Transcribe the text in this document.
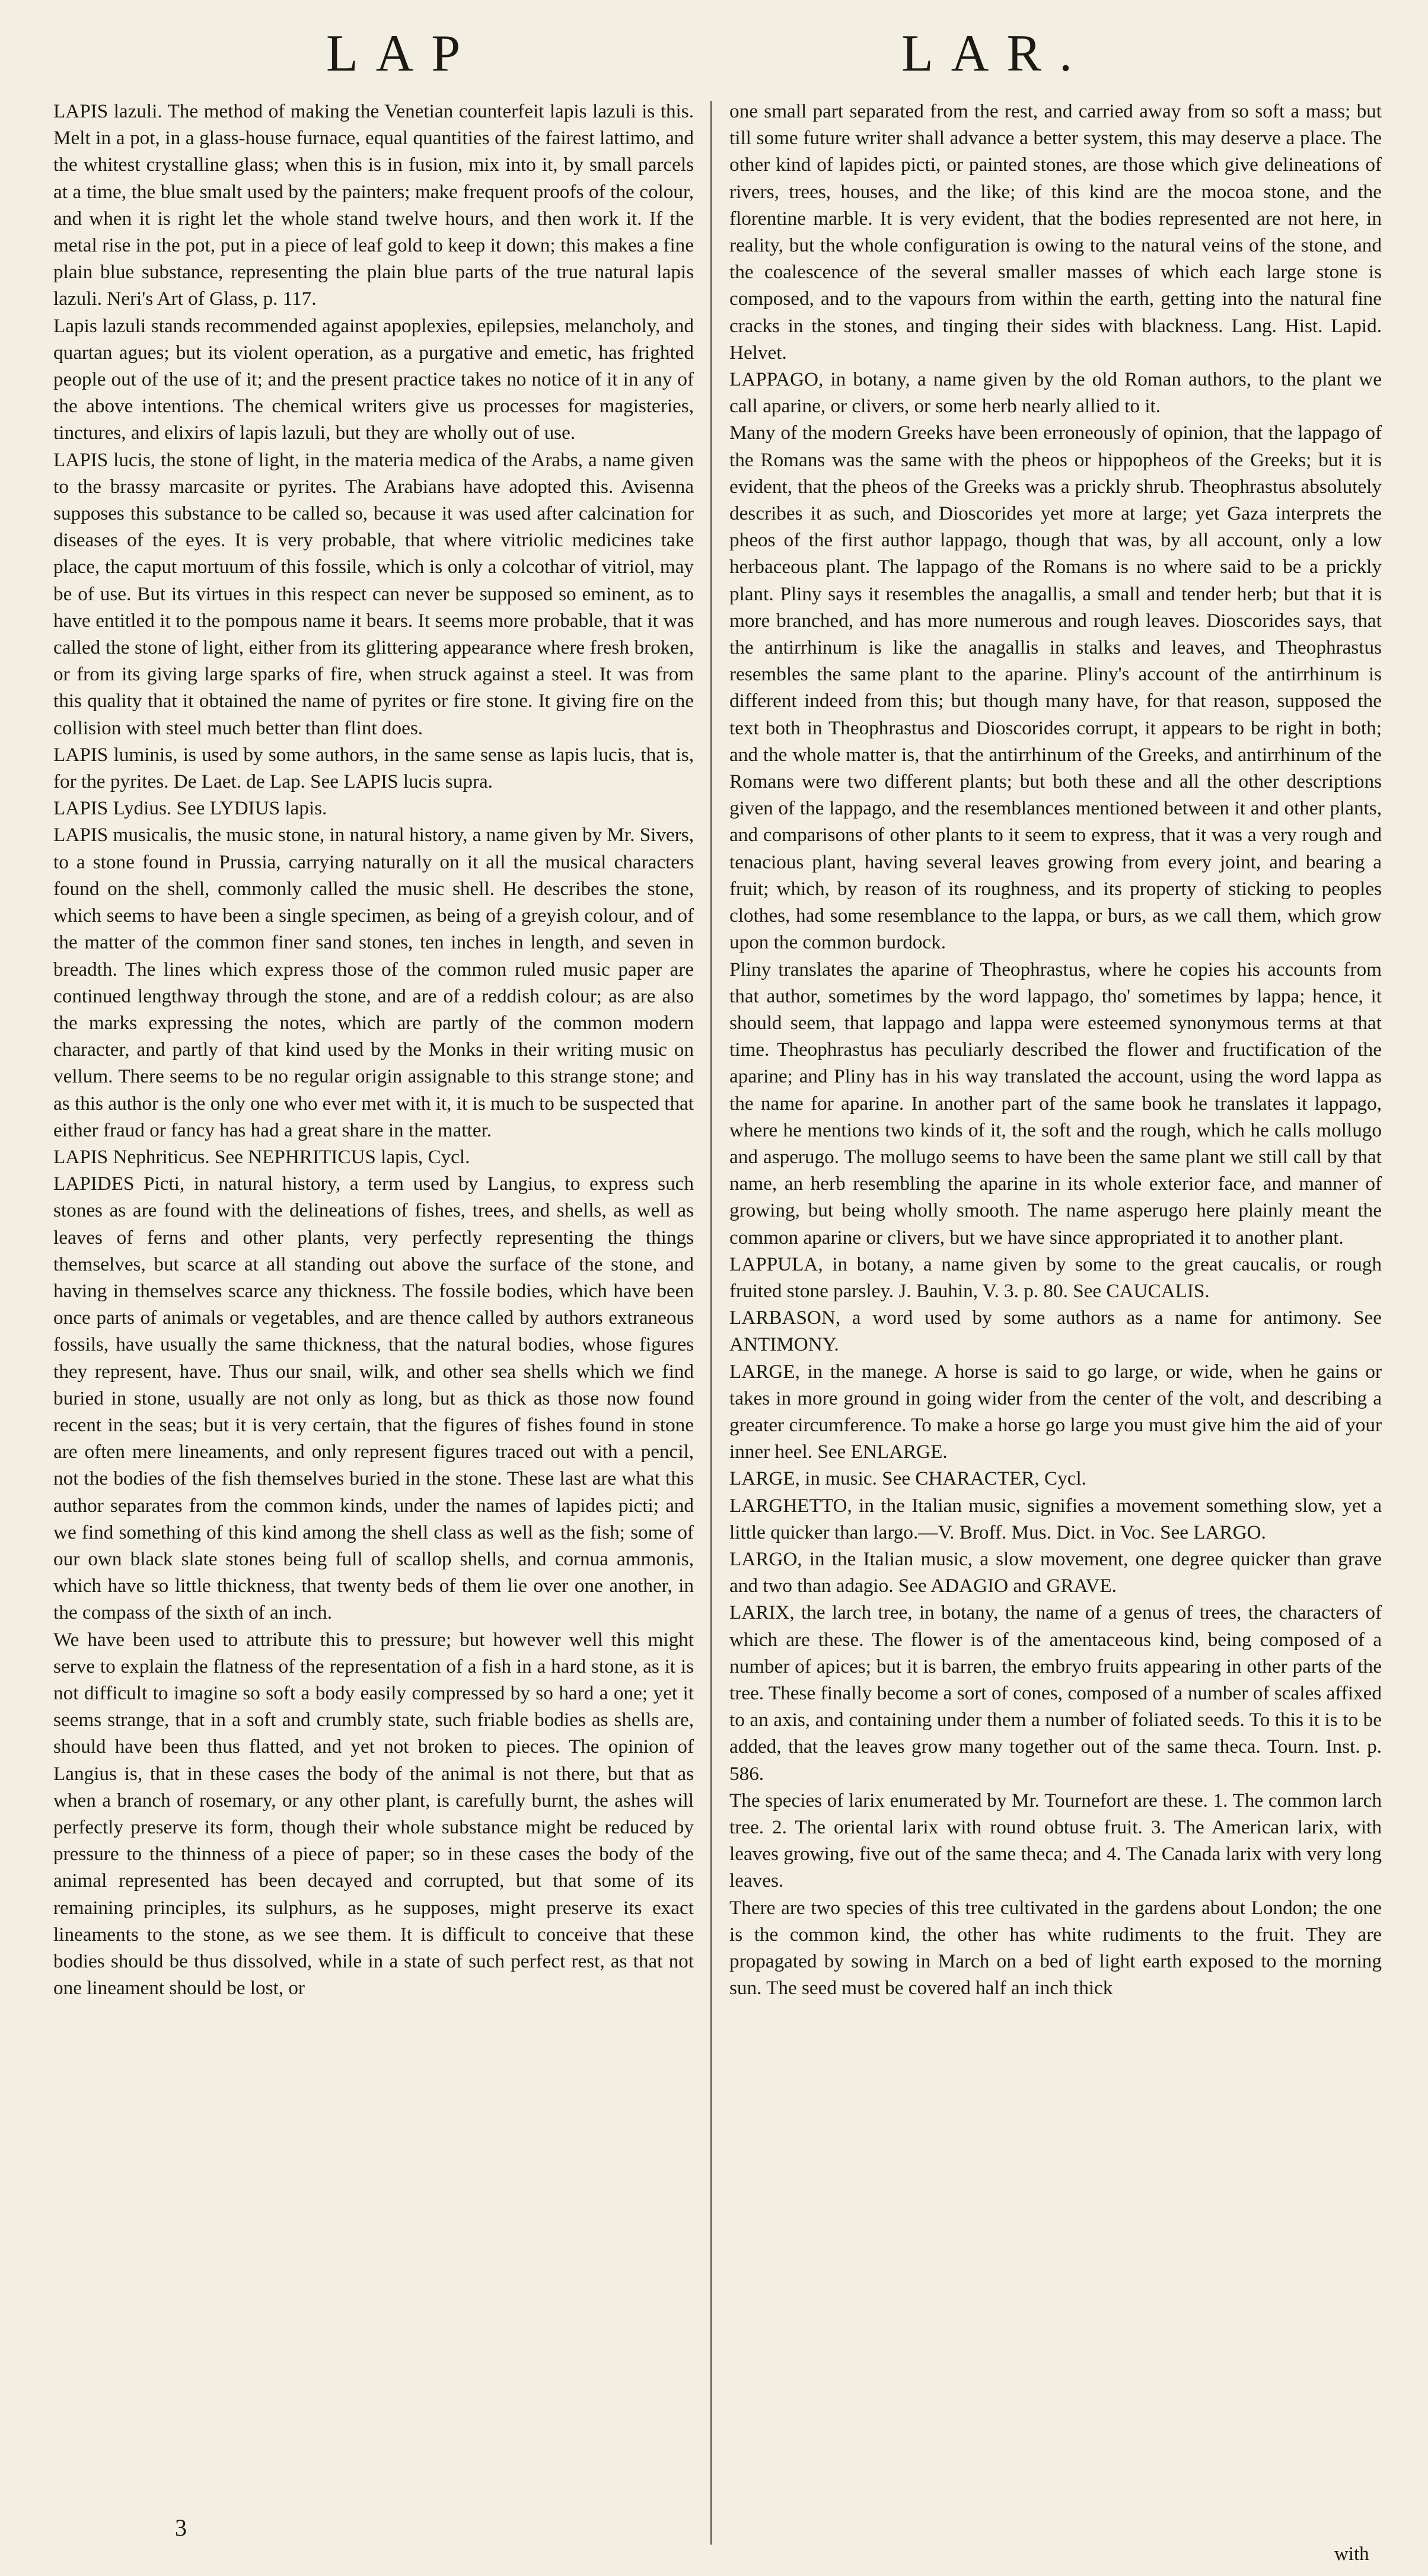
LAP	LAR.

LAPIS lazuli. The method of making the Venetian counterfeit lapis lazuli is this. Melt in a pot, in a glass-house furnace, equal quantities of the fairest lattimo, and the whitest crystalline glass; when this is in fusion, mix into it, by small parcels at a time, the blue smalt used by the painters; make frequent proofs of the colour, and when it is right let the whole stand twelve hours, and then work it. If the metal rise in the pot, put in a piece of leaf gold to keep it down; this makes a fine plain blue substance, representing the plain blue parts of the true natural lapis lazuli. Neri's Art of Glass, p. 117.

Lapis lazuli stands recommended against apoplexies, epilepsies, melancholy, and quartan agues; but its violent operation, as a purgative and emetic, has frighted people out of the use of it; and the present practice takes no notice of it in any of the above intentions. The chemical writers give us processes for magisteries, tinctures, and elixirs of lapis lazuli, but they are wholly out of use.

LAPIS lucis, the stone of light, in the materia medica of the Arabs, a name given to the brassy marcasite or pyrites. The Arabians have adopted this. Avisenna supposes this substance to be called so, because it was used after calcination for diseases of the eyes. It is very probable, that where vitriolic medicines take place, the caput mortuum of this fossile, which is only a colcothar of vitriol, may be of use. But its virtues in this respect can never be supposed so eminent, as to have entitled it to the pompous name it bears. It seems more probable, that it was called the stone of light, either from its glittering appearance where fresh broken, or from its giving large sparks of fire, when struck against a steel. It was from this quality that it obtained the name of pyrites or fire stone. It giving fire on the collision with steel much better than flint does.

LAPIS luminis, is used by some authors, in the same sense as lapis lucis, that is, for the pyrites. De Laet. de Lap. See LAPIS lucis supra.

LAPIS Lydius. See LYDIUS lapis.

LAPIS musicalis, the music stone, in natural history, a name given by Mr. Sivers, to a stone found in Prussia, carrying naturally on it all the musical characters found on the shell, commonly called the music shell. He describes the stone, which seems to have been a single specimen, as being of a greyish colour, and of the matter of the common finer sand stones, ten inches in length, and seven in breadth. The lines which express those of the common ruled music paper are continued lengthway through the stone, and are of a reddish colour; as are also the marks expressing the notes, which are partly of the common modern character, and partly of that kind used by the Monks in their writing music on vellum. There seems to be no regular origin assignable to this strange stone; and as this author is the only one who ever met with it, it is much to be suspected that either fraud or fancy has had a great share in the matter.

LAPIS Nephriticus. See NEPHRITICUS lapis, Cycl.

LAPIDES Picti, in natural history, a term used by Langius, to express such stones as are found with the delineations of fishes, trees, and shells, as well as leaves of ferns and other plants, very perfectly representing the things themselves, but scarce at all standing out above the surface of the stone, and having in themselves scarce any thickness. The fossile bodies, which have been once parts of animals or vegetables, and are thence called by authors extraneous fossils, have usually the same thickness, that the natural bodies, whose figures they represent, have. Thus our snail, wilk, and other sea shells which we find buried in stone, usually are not only as long, but as thick as those now found recent in the seas; but it is very certain, that the figures of fishes found in stone are often mere lineaments, and only represent figures traced out with a pencil, not the bodies of the fish themselves buried in the stone. These last are what this author separates from the common kinds, under the names of lapides picti; and we find something of this kind among the shell class as well as the fish; some of our own black slate stones being full of scallop shells, and cornua ammonis, which have so little thickness, that twenty beds of them lie over one another, in the compass of the sixth of an inch.

We have been used to attribute this to pressure; but however well this might serve to explain the flatness of the representation of a fish in a hard stone, as it is not difficult to imagine so soft a body easily compressed by so hard a one; yet it seems strange, that in a soft and crumbly state, such friable bodies as shells are, should have been thus flatted, and yet not broken to pieces. The opinion of Langius is, that in these cases the body of the animal is not there, but that as when a branch of rosemary, or any other plant, is carefully burnt, the ashes will perfectly preserve its form, though their whole substance might be reduced by pressure to the thinness of a piece of paper; so in these cases the body of the animal represented has been decayed and corrupted, but that some of its remaining principles, its sulphurs, as he supposes, might preserve its exact lineaments to the stone, as we see them. It is difficult to conceive that these bodies should be thus dissolved, while in a state of such perfect rest, as that not one lineament should be lost, or

one small part separated from the rest, and carried away from so soft a mass; but till some future writer shall advance a better system, this may deserve a place. The other kind of lapides picti, or painted stones, are those which give delineations of rivers, trees, houses, and the like; of this kind are the mocoa stone, and the florentine marble. It is very evident, that the bodies represented are not here, in reality, but the whole configuration is owing to the natural veins of the stone, and the coalescence of the several smaller masses of which each large stone is composed, and to the vapours from within the earth, getting into the natural fine cracks in the stones, and tinging their sides with blackness. Lang. Hist. Lapid. Helvet.

LAPPAGO, in botany, a name given by the old Roman authors, to the plant we call aparine, or clivers, or some herb nearly allied to it.

Many of the modern Greeks have been erroneously of opinion, that the lappago of the Romans was the same with the pheos or hippopheos of the Greeks; but it is evident, that the pheos of the Greeks was a prickly shrub. Theophrastus absolutely describes it as such, and Dioscorides yet more at large; yet Gaza interprets the pheos of the first author lappago, though that was, by all account, only a low herbaceous plant. The lappago of the Romans is no where said to be a prickly plant. Pliny says it resembles the anagallis, a small and tender herb; but that it is more branched, and has more numerous and rough leaves. Dioscorides says, that the antirrhinum is like the anagallis in stalks and leaves, and Theophrastus resembles the same plant to the aparine. Pliny's account of the antirrhinum is different indeed from this; but though many have, for that reason, supposed the text both in Theophrastus and Dioscorides corrupt, it appears to be right in both; and the whole matter is, that the antirrhinum of the Greeks, and antirrhinum of the Romans were two different plants; but both these and all the other descriptions given of the lappago, and the resemblances mentioned between it and other plants, and comparisons of other plants to it seem to express, that it was a very rough and tenacious plant, having several leaves growing from every joint, and bearing a fruit; which, by reason of its roughness, and its property of sticking to peoples clothes, had some resemblance to the lappa, or burs, as we call them, which grow upon the common burdock.

Pliny translates the aparine of Theophrastus, where he copies his accounts from that author, sometimes by the word lappago, tho' sometimes by lappa; hence, it should seem, that lappago and lappa were esteemed synonymous terms at that time. Theophrastus has peculiarly described the flower and fructification of the aparine; and Pliny has in his way translated the account, using the word lappa as the name for aparine. In another part of the same book he translates it lappago, where he mentions two kinds of it, the soft and the rough, which he calls mollugo and asperugo. The mollugo seems to have been the same plant we still call by that name, an herb resembling the aparine in its whole exterior face, and manner of growing, but being wholly smooth. The name asperugo here plainly meant the common aparine or clivers, but we have since appropriated it to another plant.

LAPPULA, in botany, a name given by some to the great caucalis, or rough fruited stone parsley. J. Bauhin, V. 3. p. 80. See CAUCALIS.

LARBASON, a word used by some authors as a name for antimony. See ANTIMONY.

LARGE, in the manege. A horse is said to go large, or wide, when he gains or takes in more ground in going wider from the center of the volt, and describing a greater circumference. To make a horse go large you must give him the aid of your inner heel. See ENLARGE.

LARGE, in music. See CHARACTER, Cycl.

LARGHETTO, in the Italian music, signifies a movement something slow, yet a little quicker than largo.—V. Broff. Mus. Dict. in Voc. See LARGO.

LARGO, in the Italian music, a slow movement, one degree quicker than grave and two than adagio. See ADAGIO and GRAVE.

LARIX, the larch tree, in botany, the name of a genus of trees, the characters of which are these. The flower is of the amentaceous kind, being composed of a number of apices; but it is barren, the embryo fruits appearing in other parts of the tree. These finally become a sort of cones, composed of a number of scales affixed to an axis, and containing under them a number of foliated seeds. To this it is to be added, that the leaves grow many together out of the same theca. Tourn. Inst. p. 586.

The species of larix enumerated by Mr. Tournefort are these. 1. The common larch tree. 2. The oriental larix with round obtuse fruit. 3. The American larix, with leaves growing, five out of the same theca; and 4. The Canada larix with very long leaves.

There are two species of this tree cultivated in the gardens about London; the one is the common kind, the other has white rudiments to the fruit. They are propagated by sowing in March on a bed of light earth exposed to the morning sun. The seed must be covered half an inch thick

3
with
